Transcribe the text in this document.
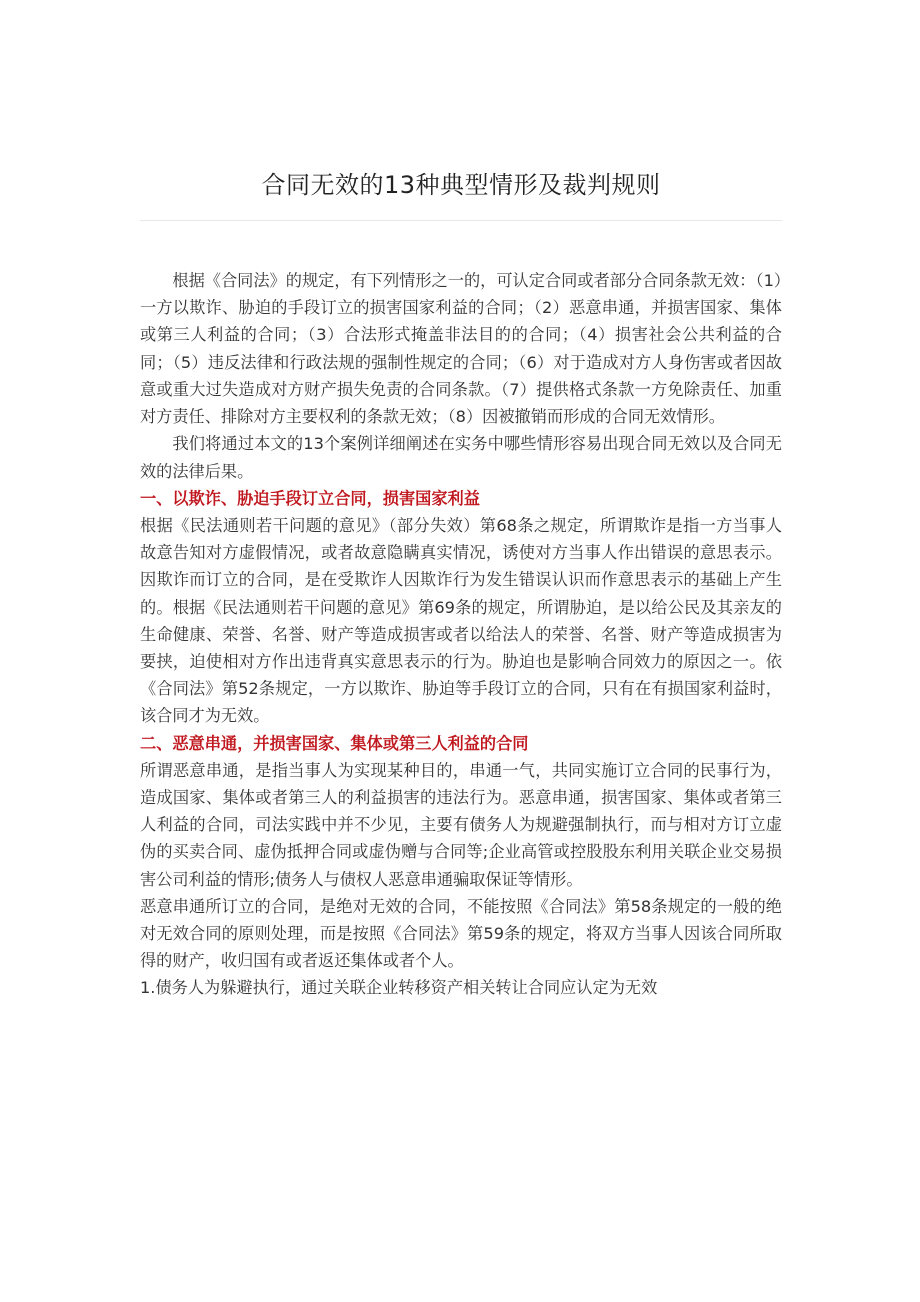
合同无效的13种典型情形及裁判规则

根据《合同法》的规定，有下列情形之一的，可认定合同或者部分合同条款无效：（1）一方以欺诈、胁迫的手段订立的损害国家利益的合同；（2）恶意串通，并损害国家、集体或第三人利益的合同；（3）合法形式掩盖非法目的的合同；（4）损害社会公共利益的合同；（5）违反法律和行政法规的强制性规定的合同；（6）对于造成对方人身伤害或者因故意或重大过失造成对方财产损失免责的合同条款。（7）提供格式条款一方免除责任、加重对方责任、排除对方主要权利的条款无效；（8）因被撤销而形成的合同无效情形。

我们将通过本文的13个案例详细阐述在实务中哪些情形容易出现合同无效以及合同无效的法律后果。

一、以欺诈、胁迫手段订立合同，损害国家利益

根据《民法通则若干问题的意见》（部分失效）第68条之规定，所谓欺诈是指一方当事人故意告知对方虚假情况，或者故意隐瞒真实情况，诱使对方当事人作出错误的意思表示。因欺诈而订立的合同，是在受欺诈人因欺诈行为发生错误认识而作意思表示的基础上产生的。根据《民法通则若干问题的意见》第69条的规定，所谓胁迫，是以给公民及其亲友的生命健康、荣誉、名誉、财产等造成损害或者以给法人的荣誉、名誉、财产等造成损害为要挟，迫使相对方作出违背真实意思表示的行为。胁迫也是影响合同效力的原因之一。依《合同法》第52条规定，一方以欺诈、胁迫等手段订立的合同，只有在有损国家利益时，该合同才为无效。

二、恶意串通，并损害国家、集体或第三人利益的合同

所谓恶意串通，是指当事人为实现某种目的，串通一气，共同实施订立合同的民事行为，造成国家、集体或者第三人的利益损害的违法行为。恶意串通，损害国家、集体或者第三人利益的合同，司法实践中并不少见，主要有债务人为规避强制执行，而与相对方订立虚伪的买卖合同、虚伪抵押合同或虚伪赠与合同等;企业高管或控股股东利用关联企业交易损害公司利益的情形;债务人与债权人恶意串通骗取保证等情形。

恶意串通所订立的合同，是绝对无效的合同，不能按照《合同法》第58条规定的一般的绝对无效合同的原则处理，而是按照《合同法》第59条的规定，将双方当事人因该合同所取得的财产，收归国有或者返还集体或者个人。

1.债务人为躲避执行，通过关联企业转移资产相关转让合同应认定为无效
